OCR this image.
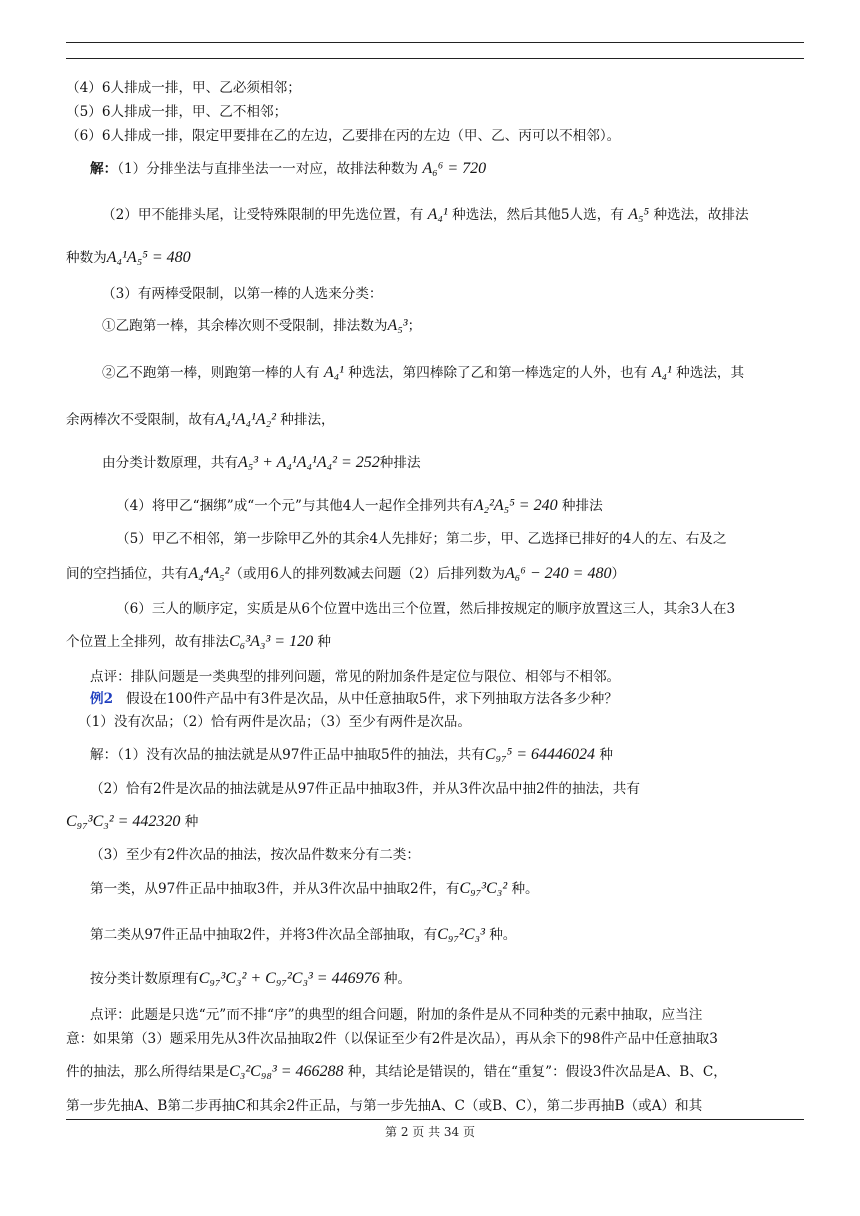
（4）6人排成一排，甲、乙必须相邻；
（5）6人排成一排，甲、乙不相邻；
（6）6人排成一排，限定甲要排在乙的左边，乙要排在丙的左边（甲、乙、丙可以不相邻）。
解：（1）分排坐法与直排坐法一一对应，故排法种数为 A₆⁶ = 720
（2）甲不能排头尾，让受特殊限制的甲先选位置，有 A₄¹ 种选法，然后其他5人选，有 A₅⁵ 种选法，故排法
种数为A₄¹A₅⁵ = 480
（3）有两棒受限制，以第一棒的人选来分类：
①乙跑第一棒，其余棒次则不受限制，排法数为A₅³；
②乙不跑第一棒，则跑第一棒的人有 A₄¹ 种选法，第四棒除了乙和第一棒选定的人外，也有 A₄¹ 种选法，其
余两棒次不受限制，故有A₄¹A₄¹A₂² 种排法，
由分类计数原理，共有A₅³ + A₄¹A₄¹A₄² = 252种排法
（4）将甲乙“捆绑”成“一个元”与其他4人一起作全排列共有A₂²A₅⁵ = 240 种排法
（5）甲乙不相邻，第一步除甲乙外的其余4人先排好；第二步，甲、乙选择已排好的4人的左、右及之
间的空挡插位，共有A₄⁴A₅²（或用6人的排列数减去问题（2）后排列数为A₆⁶ − 240 = 480）
（6）三人的顺序定，实质是从6个位置中选出三个位置，然后排按规定的顺序放置这三人，其余3人在3
个位置上全排列，故有排法C₆³A₃³ = 120 种
点评：排队问题是一类典型的排列问题，常见的附加条件是定位与限位、相邻与不相邻。
例2 假设在100件产品中有3件是次品，从中任意抽取5件，求下列抽取方法各多少种？
（1）没有次品；（2）恰有两件是次品；（3）至少有两件是次品。
解：（1）没有次品的抽法就是从97件正品中抽取5件的抽法，共有C₉₇⁵ = 64446024 种
（2）恰有2件是次品的抽法就是从97件正品中抽取3件，并从3件次品中抽2件的抽法，共有
C₉₇³C₃² = 442320 种
（3）至少有2件次品的抽法，按次品件数来分有二类：
第一类，从97件正品中抽取3件，并从3件次品中抽取2件，有C₉₇³C₃² 种。
第二类从97件正品中抽取2件，并将3件次品全部抽取，有C₉₇²C₃³ 种。
按分类计数原理有C₉₇³C₃² + C₉₇²C₃³ = 446976 种。
点评：此题是只选“元”而不排“序”的典型的组合问题，附加的条件是从不同种类的元素中抽取，应当注
意：如果第（3）题采用先从3件次品抽取2件（以保证至少有2件是次品），再从余下的98件产品中任意抽取3
件的抽法，那么所得结果是C₃²C₉₈³ = 466288 种，其结论是错误的，错在“重复”：假设3件次品是A、B、C，
第一步先抽A、B第二步再抽C和其余2件正品，与第一步先抽A、C（或B、C），第二步再抽B（或A）和其
第 2 页 共 34 页
